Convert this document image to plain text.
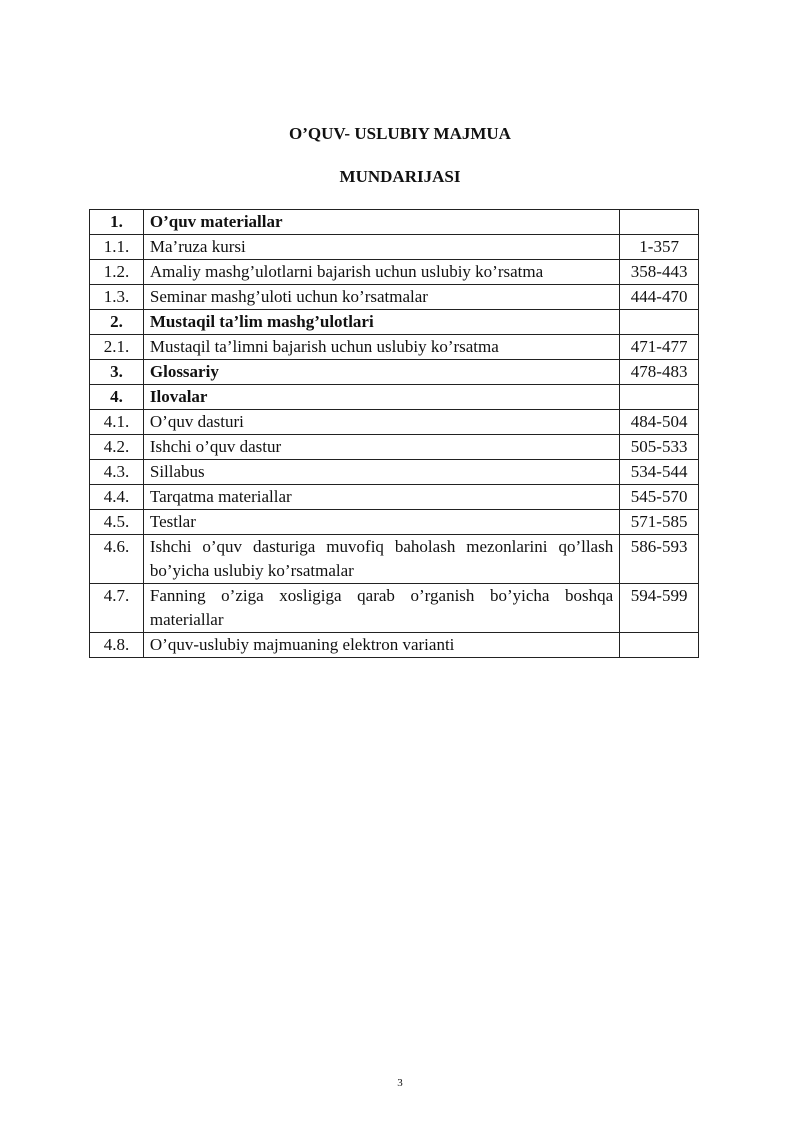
O’QUV- USLUBIY MAJMUA

MUNDARIJASI

1.	O’quv materiallar	
1.1.	Ma’ruza kursi	1-357
1.2.	Amaliy mashg’ulotlarni bajarish uchun uslubiy ko’rsatma	358-443
1.3.	Seminar mashg’uloti uchun ko’rsatmalar	444-470
2.	Mustaqil ta’lim mashg’ulotlari	
2.1.	Mustaqil ta’limni bajarish uchun uslubiy ko’rsatma	471-477
3.	Glossariy	478-483
4.	Ilovalar	
4.1.	O’quv dasturi	484-504
4.2.	Ishchi o’quv dastur	505-533
4.3.	Sillabus	534-544
4.4.	Tarqatma materiallar	545-570
4.5.	Testlar	571-585
4.6.	Ishchi o’quv dasturiga muvofiq baholash mezonlarini qo’llash bo’yicha uslubiy ko’rsatmalar	586-593
4.7.	Fanning o’ziga xosligiga qarab o’rganish bo’yicha boshqa materiallar	594-599
4.8.	O’quv-uslubiy majmuaning elektron varianti	
3
